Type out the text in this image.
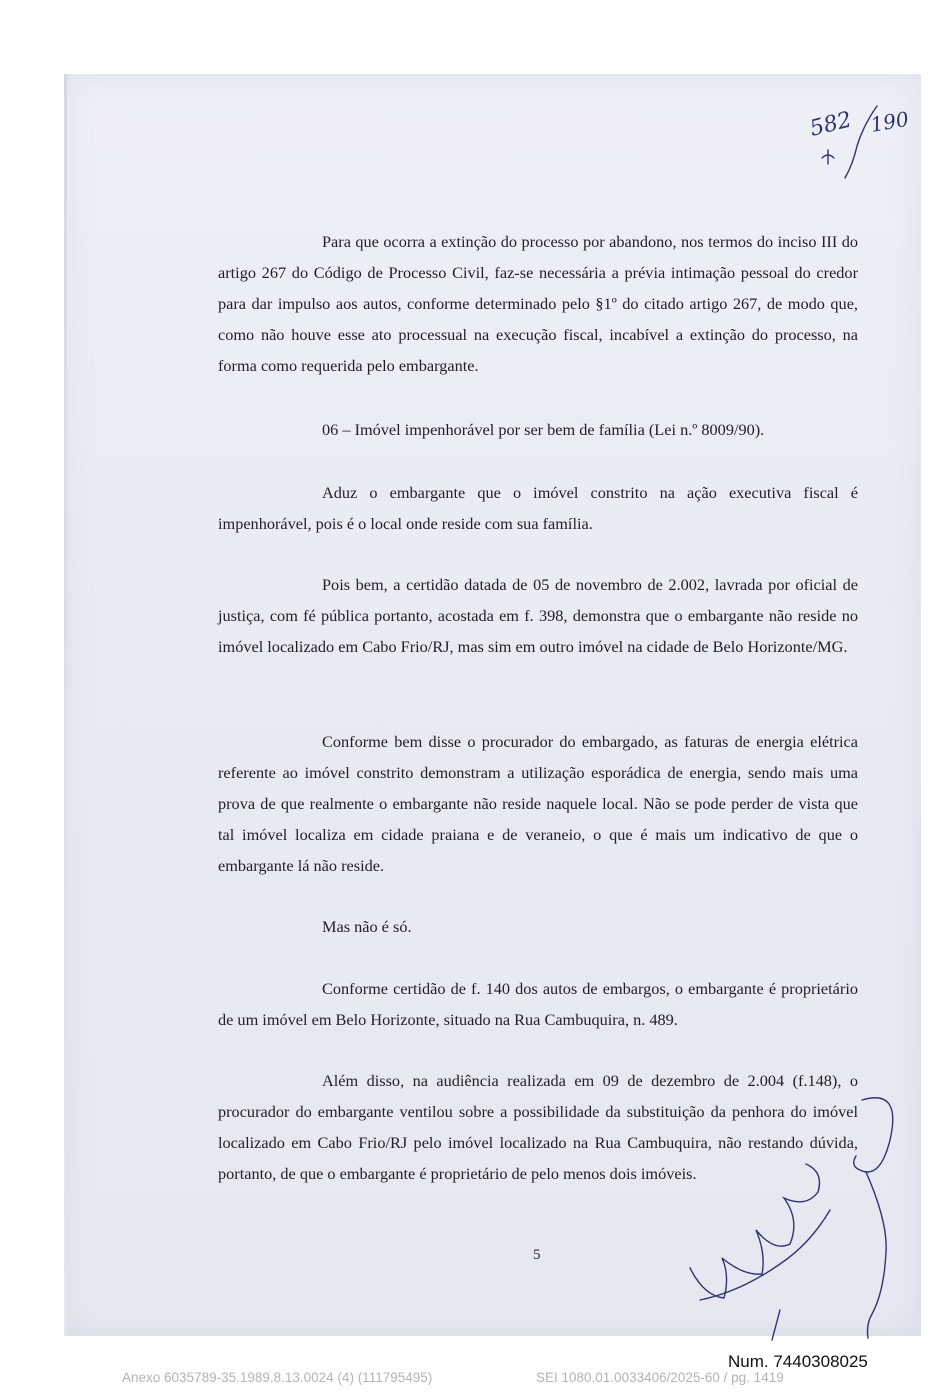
Para que ocorra a extinção do processo por abandono, nos termos do inciso III do artigo 267 do Código de Processo Civil, faz-se necessária a prévia intimação pessoal do credor para dar impulso aos autos, conforme determinado pelo §1º do citado artigo 267, de modo que, como não houve esse ato processual na execução fiscal, incabível a extinção do processo, na forma como requerida pelo embargante.

06 – Imóvel impenhorável por ser bem de família (Lei n.º 8009/90).

Aduz o embargante que o imóvel constrito na ação executiva fiscal é impenhorável, pois é o local onde reside com sua família.

Pois bem, a certidão datada de 05 de novembro de 2.002, lavrada por oficial de justiça, com fé pública portanto, acostada em f. 398, demonstra que o embargante não reside no imóvel localizado em Cabo Frio/RJ, mas sim em outro imóvel na cidade de Belo Horizonte/MG.

Conforme bem disse o procurador do embargado, as faturas de energia elétrica referente ao imóvel constrito demonstram a utilização esporádica de energia, sendo mais uma prova de que realmente o embargante não reside naquele local. Não se pode perder de vista que tal imóvel localiza em cidade praiana e de veraneio, o que é mais um indicativo de que o embargante lá não reside.

Mas não é só.

Conforme certidão de f. 140 dos autos de embargos, o embargante é proprietário de um imóvel em Belo Horizonte, situado na Rua Cambuquira, n. 489.

Além disso, na audiência realizada em 09 de dezembro de 2.004 (f.148), o procurador do embargante ventilou sobre a possibilidade da substituição da penhora do imóvel localizado em Cabo Frio/RJ pelo imóvel localizado na Rua Cambuquira, não restando dúvida, portanto, de que o embargante é proprietário de pelo menos dois imóveis.

5
582 190
Num. 7440308025
Anexo 6035789-35.1989.8.13.0024 (4) (111795495)	SEI 1080.01.0033406/2025-60 / pg. 1419
